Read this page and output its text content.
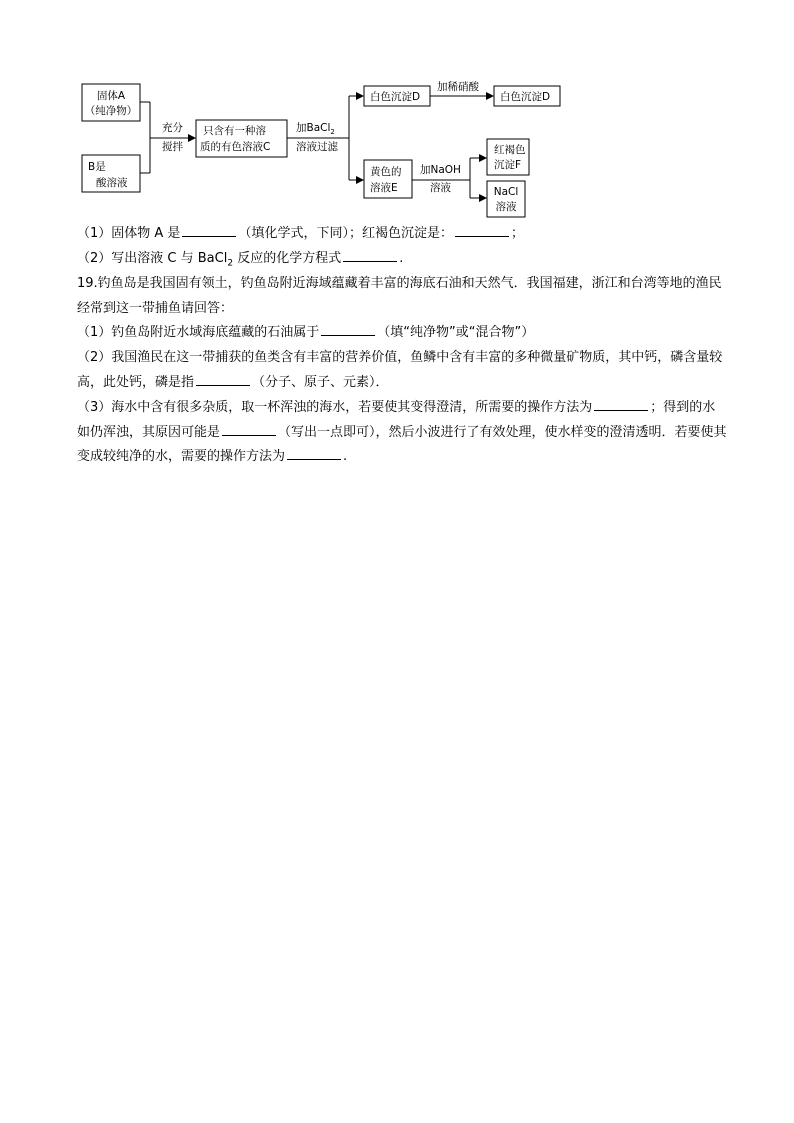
固体A
（纯净物）
B是
酸溶液
充分
搅拌
只含有一种溶
质的有色溶液C
加BaCl$_2$
溶液过滤
白色沉淀D
加稀硝酸
白色沉淀D
黄色的
溶液E
加NaOH
溶液
红褐色
沉淀F
NaCl
溶液
（1）固体物 A 是	（填化学式，下同）；红褐色沉淀是：	；
（2）写出溶液 C 与 BaCl$_2$ 反应的化学方程式	.
19.钓鱼岛是我国固有领土，钓鱼岛附近海域蕴藏着丰富的海底石油和天然气．我国福建，浙江和台湾等地的渔民经常到这一带捕鱼请回答：
（1）钓鱼岛附近水域海底蕴藏的石油属于	（填“纯净物”或“混合物”）
（2）我国渔民在这一带捕获的鱼类含有丰富的营养价值，鱼鳞中含有丰富的多种微量矿物质，其中钙，磷含量较高，此处钙，磷是指	（分子、原子、元素）．
（3）海水中含有很多杂质，取一杯浑浊的海水，若要使其变得澄清，所需要的操作方法为	；得到的水如仍浑浊，其原因可能是	（写出一点即可），然后小波进行了有效处理，使水样变的澄清透明．若要使其变成较纯净的水，需要的操作方法为	.
